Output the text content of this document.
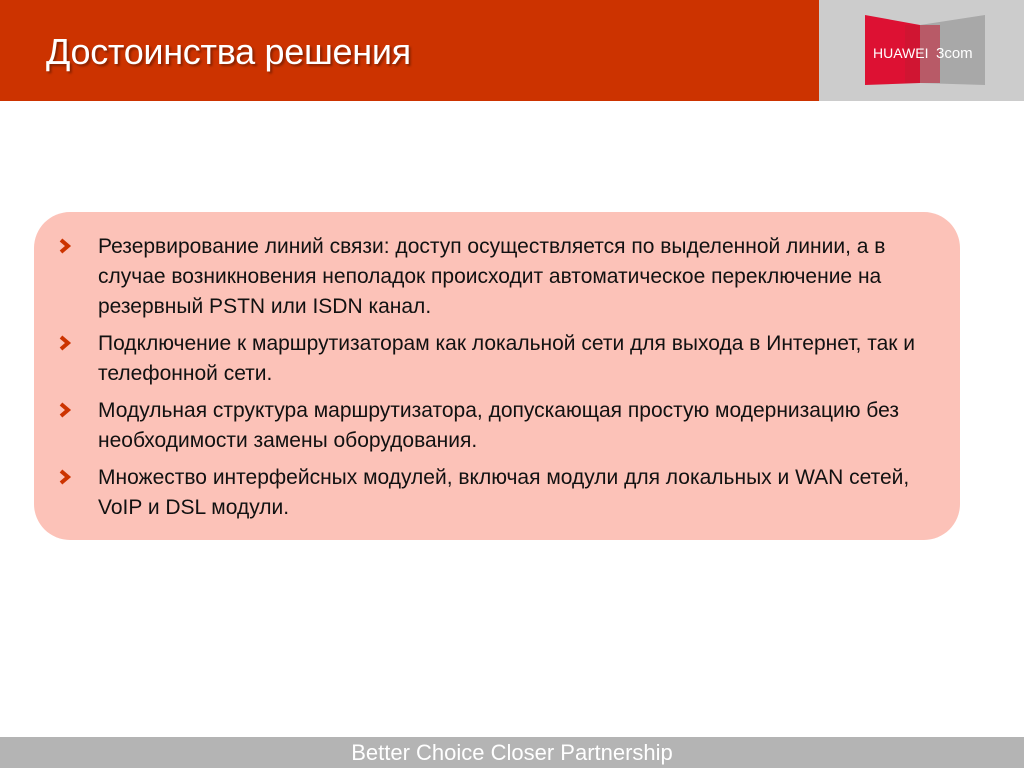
Достоинства решения	HUAWEI 3com
Резервирование линий связи: доступ осуществляется по выделенной линии, а в случае возникновения неполадок происходит автоматическое переключение на резервный PSTN или ISDN канал.
Подключение к маршрутизаторам как локальной сети для выхода в Интернет, так и телефонной сети.
Модульная структура маршрутизатора, допускающая простую модернизацию без необходимости замены оборудования.
Множество интерфейсных модулей, включая модули для локальных и WAN сетей, VoIP и DSL модули.
Better Choice Closer Partnership
